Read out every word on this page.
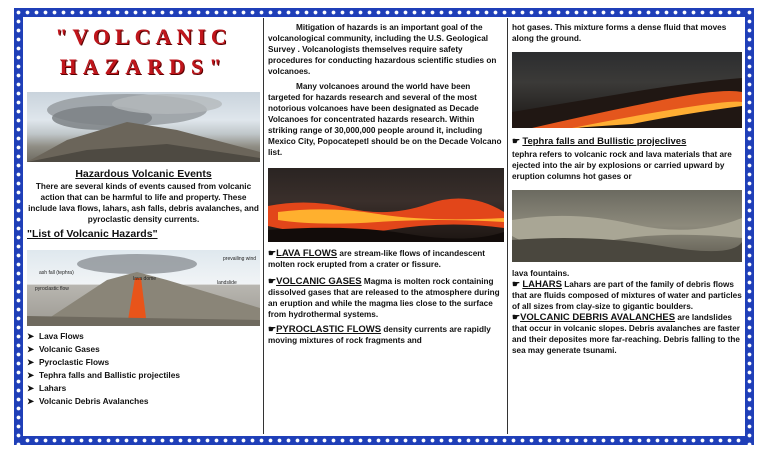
"VOLCANIC
HAZARDS"
Hazardous Volcanic Events
There are several kinds of events caused from volcanic action that can be harmful to life and property. These include lava flows, lahars, ash falls, debris avalanches, and pyroclastic density currents.
"List of Volcanic Hazards"
ash fall (tephra)
pyroclastic flow
lava dome
prevailing wind
landslide
➤ Lava Flows
➤ Volcanic Gases
➤ Pyroclastic Flows
➤ Tephra falls and Ballistic projectiles
➤ Lahars
➤ Volcanic Debris Avalanches
Mitigation of hazards is an important goal of the volcanological community, including the U.S. Geological Survey . Volcanologists themselves require safety procedures for conducting hazardous scientific studies on volcanoes.
Many volcanoes around the world have been targeted for hazards research and several of the most notorious volcanoes have been designated as Decade Volcanoes for concentrated hazards research. Within striking range of 30,000,000 people around it, including Mexico City, Popocatepetl should be on the Decade Volcano list.
☛LAVA FLOWS are stream-like flows of incandescent molten rock erupted from a crater or fissure.
☛VOLCANIC GASES Magma is molten rock containing dissolved gases that are released to the atmosphere during an eruption and while the magma lies close to the surface from hydrothermal systems.
☛PYROCLASTIC FLOWS density currents are rapidly moving mixtures of rock fragments and
hot gases. This mixture forms a dense fluid that moves along the ground.
☛ Tephra falls and Bullistic projeclives
tephra refers to volcanic rock and lava materials that are ejected into the air by explosions or carried upward by eruption columns hot gases or
lava fountains.
☛ LAHARS Lahars are part of the family of debris flows that are fluids composed of mixtures of water and particles of all sizes from clay-size to gigantic boulders.
☛VOLCANIC DEBRIS AVALANCHES are landslides that occur in volcanic slopes. Debris avalanches are faster and their deposites more far-reaching. Debris falling to the sea may generate tsunami.
